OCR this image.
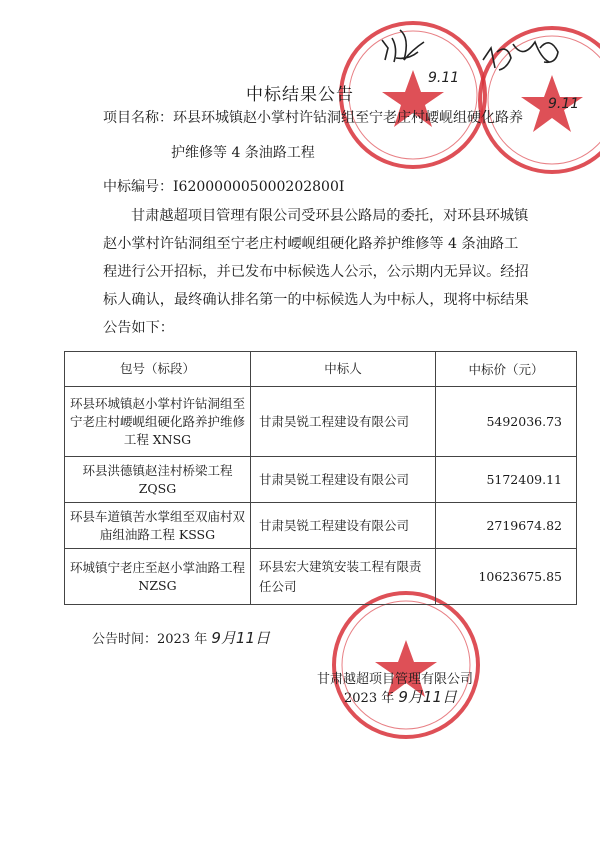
9.11
9.11
中标结果公告
项目名称：环县环城镇赵小掌村许钻洞组至宁老庄村崾岘组硬化路养
护维修等 4 条油路工程
中标编号：I620000005000202800I
甘肃越超项目管理有限公司受环县公路局的委托，对环县环城镇
赵小掌村许钻洞组至宁老庄村崾岘组硬化路养护维修等 4 条油路工
程进行公开招标，并已发布中标候选人公示，公示期内无异议。经招
标人确认，最终确认排名第一的中标候选人为中标人，现将中标结果
公告如下：
包号（标段）	中标人	中标价（元）
环县环城镇赵小掌村许钻洞组至宁老庄村崾岘组硬化路养护维修工程 XNSG	甘肃昊锐工程建设有限公司	5492036.73
环县洪德镇赵洼村桥梁工程 ZQSG	甘肃昊锐工程建设有限公司	5172409.11
环县车道镇苦水掌组至双庙村双庙组油路工程 KSSG	甘肃昊锐工程建设有限公司	2719674.82
环城镇宁老庄至赵小掌油路工程 NZSG	环县宏大建筑安装工程有限责任公司	10623675.85
公告时间：2023 年 9月11日
甘肃越超项目管理有限公司
2023 年 9月11日
